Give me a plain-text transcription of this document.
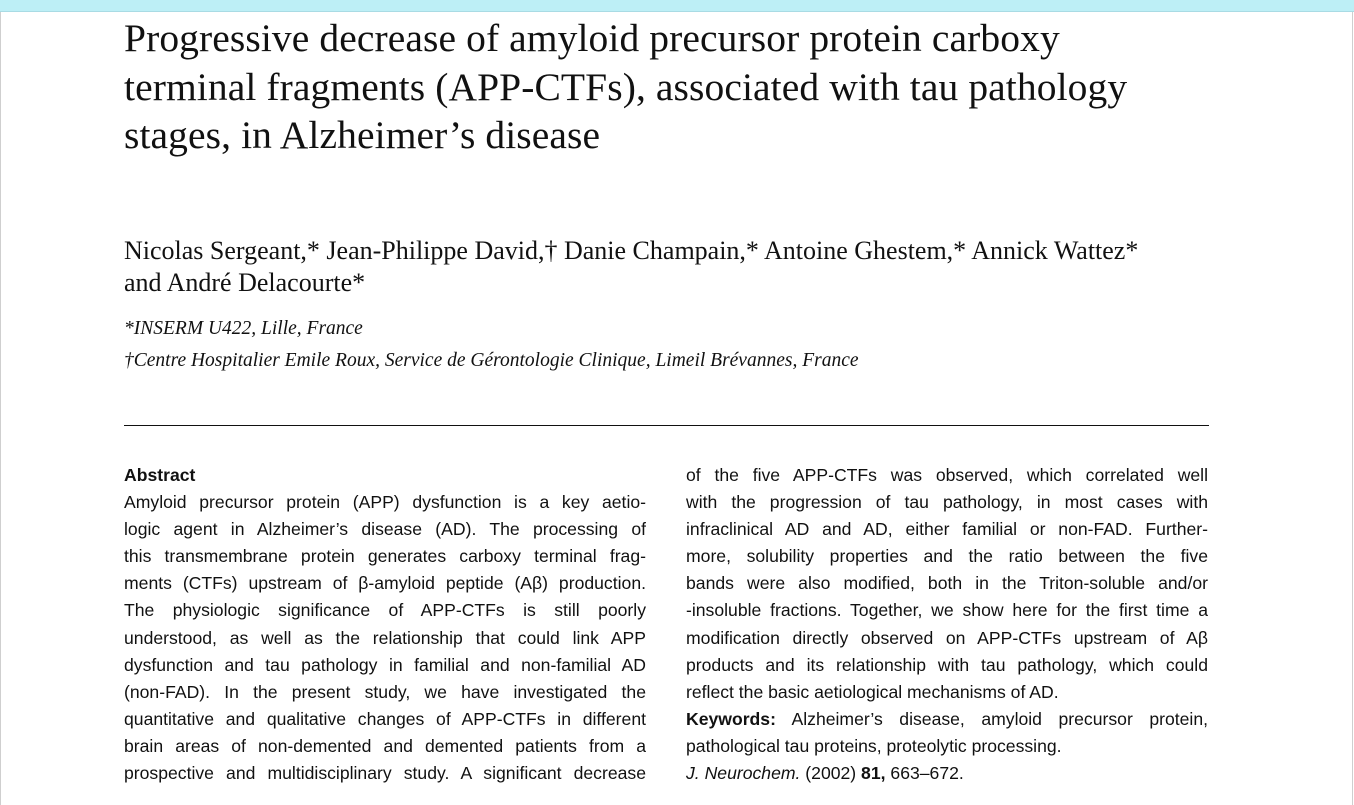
Progressive decrease of amyloid precursor protein carboxy
terminal fragments (APP-CTFs), associated with tau pathology
stages, in Alzheimer’s disease
Nicolas Sergeant,* Jean-Philippe David,† Danie Champain,* Antoine Ghestem,* Annick Wattez*
and André Delacourte*
*INSERM U422, Lille, France
†Centre Hospitalier Emile Roux, Service de Gérontologie Clinique, Limeil Brévannes, France
Abstract
Amyloid precursor protein (APP) dysfunction is a key aetio-
logic agent in Alzheimer’s disease (AD). The processing of
this transmembrane protein generates carboxy terminal frag-
ments (CTFs) upstream of β-amyloid peptide (Aβ) production.
The physiologic significance of APP-CTFs is still poorly
understood, as well as the relationship that could link APP
dysfunction and tau pathology in familial and non-familial AD
(non-FAD). In the present study, we have investigated the
quantitative and qualitative changes of APP-CTFs in different
brain areas of non-demented and demented patients from a
prospective and multidisciplinary study. A significant decrease
of the five APP-CTFs was observed, which correlated well
with the progression of tau pathology, in most cases with
infraclinical AD and AD, either familial or non-FAD. Further-
more, solubility properties and the ratio between the five
bands were also modified, both in the Triton-soluble and/or
-insoluble fractions. Together, we show here for the first time a
modification directly observed on APP-CTFs upstream of Aβ
products and its relationship with tau pathology, which could
reflect the basic aetiological mechanisms of AD.
Keywords: Alzheimer’s disease, amyloid precursor protein,
pathological tau proteins, proteolytic processing.
J. Neurochem. (2002) 81, 663–672.
